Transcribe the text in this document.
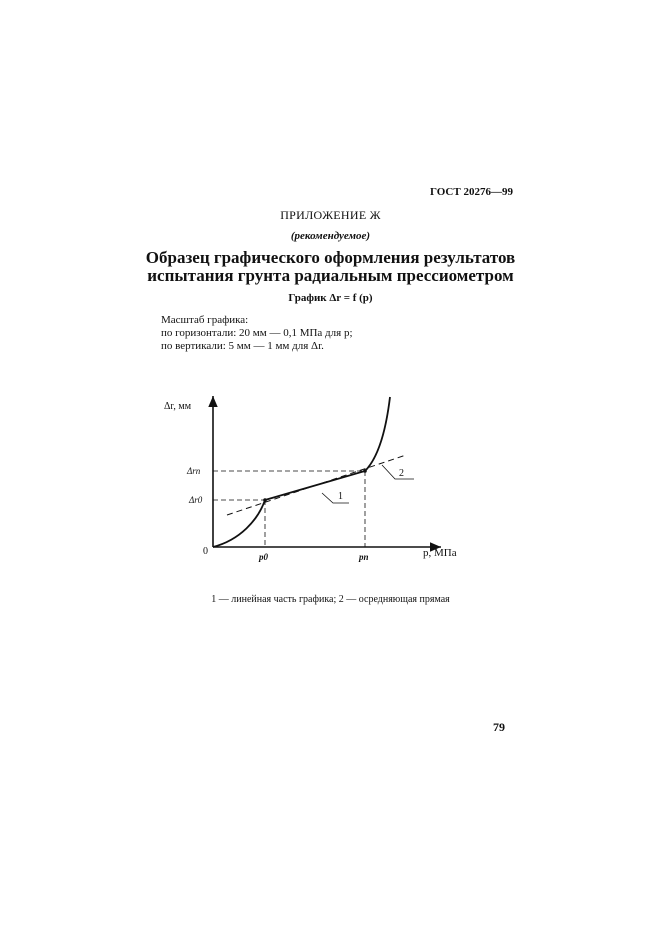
ГОСТ 20276—99
ПРИЛОЖЕНИЕ Ж
(рекомендуемое)
Образец графического оформления результатов
испытания грунта радиальным прессиометром
График Δr = f (p)
Масштаб графика:
по горизонтали: 20 мм — 0,1 МПа для p;
по вертикали: 5 мм — 1 мм для Δr.
Δr, мм
p, МПа
0
Δrп
Δr0
p0	pп
1
2
1 — линейная часть графика; 2 — осредняющая прямая
79
